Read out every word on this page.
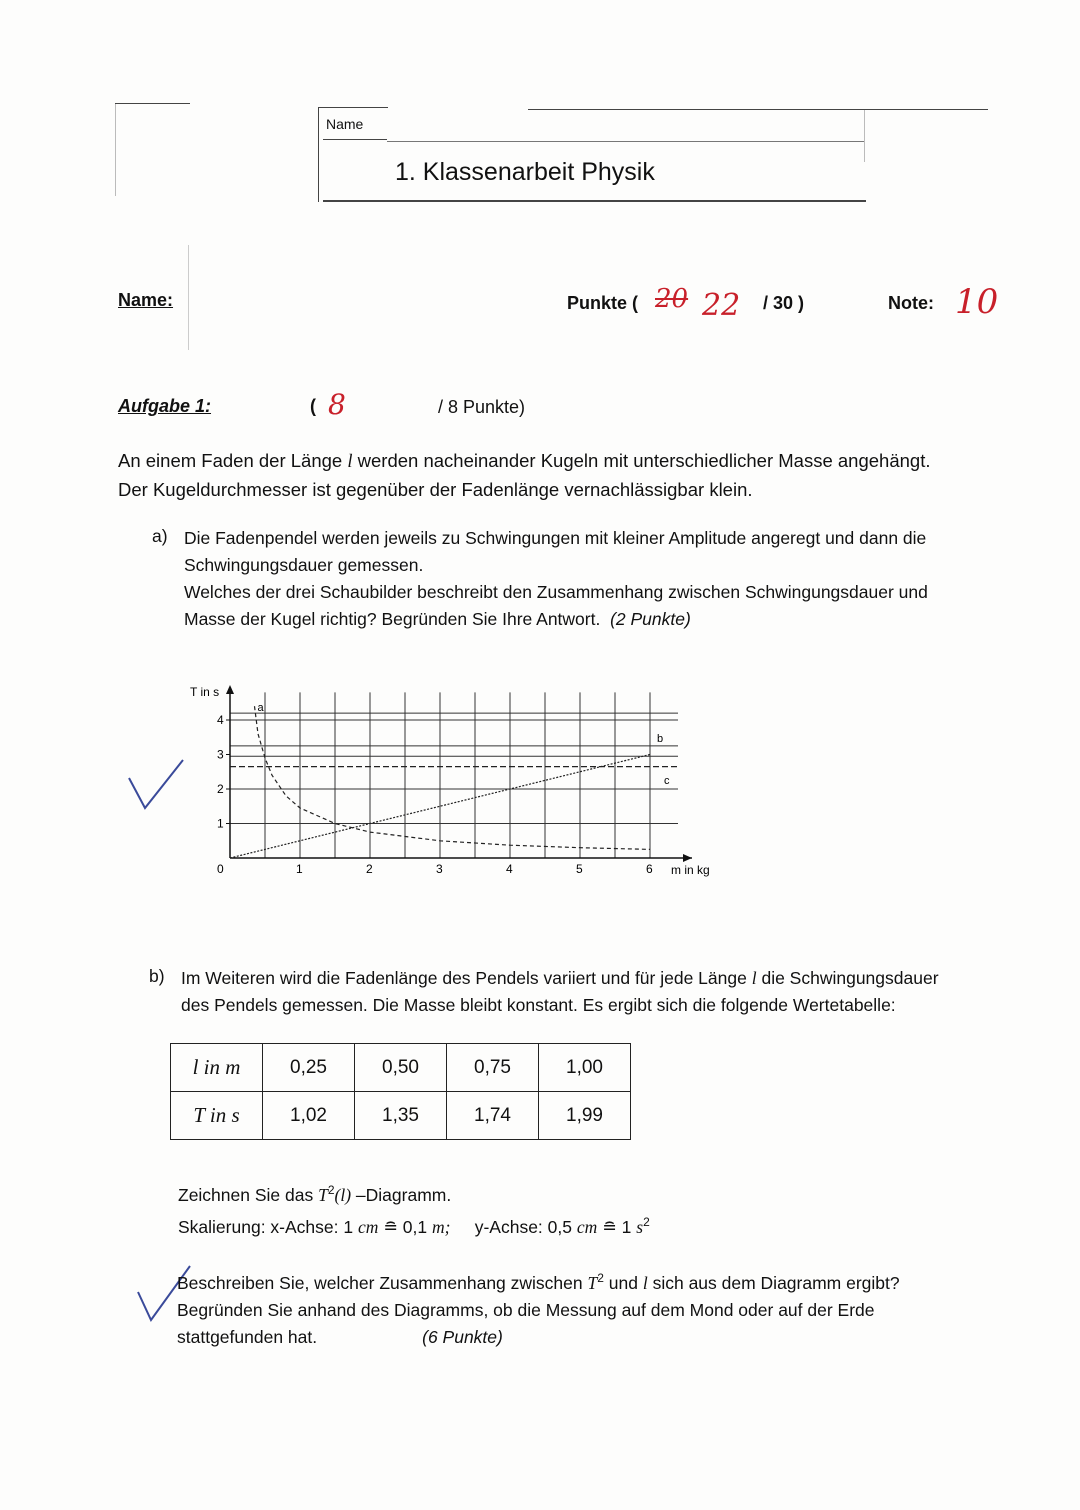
Name
1. Klassenarbeit Physik
Name:	Punkte ( 20 22 / 30 )	Note: 10
Aufgabe 1:	( 8	/ 8 Punkte)
An einem Faden der Länge l werden nacheinander Kugeln mit unterschiedlicher Masse angehängt.
Der Kugeldurchmesser ist gegenüber der Fadenlänge vernachlässigbar klein.
a) Die Fadenpendel werden jeweils zu Schwingungen mit kleiner Amplitude angeregt und dann die
Schwingungsdauer gemessen.
Welches der drei Schaubilder beschreibt den Zusammenhang zwischen Schwingungsdauer und
Masse der Kugel richtig? Begründen Sie Ihre Antwort. (2 Punkte)
T in s
m in kg
0	1	2	3	4	5	6
1
2
3
4
a
b
c
b) Im Weiteren wird die Fadenlänge des Pendels variiert und für jede Länge l die Schwingungsdauer
des Pendels gemessen. Die Masse bleibt konstant. Es ergibt sich die folgende Wertetabelle:
l in m	0,25	0,50	0,75	1,00
T in s	1,02	1,35	1,74	1,99
Zeichnen Sie das $T^2(l)$ –Diagramm.
Skalierung: x-Achse: 1 cm ≘ 0,1 m; y-Achse: 0,5 cm ≘ 1 $s^2$
Beschreiben Sie, welcher Zusammenhang zwischen $T^2$ und l sich aus dem Diagramm ergibt?
Begründen Sie anhand des Diagramms, ob die Messung auf dem Mond oder auf der Erde
stattgefunden hat.	(6 Punkte)
